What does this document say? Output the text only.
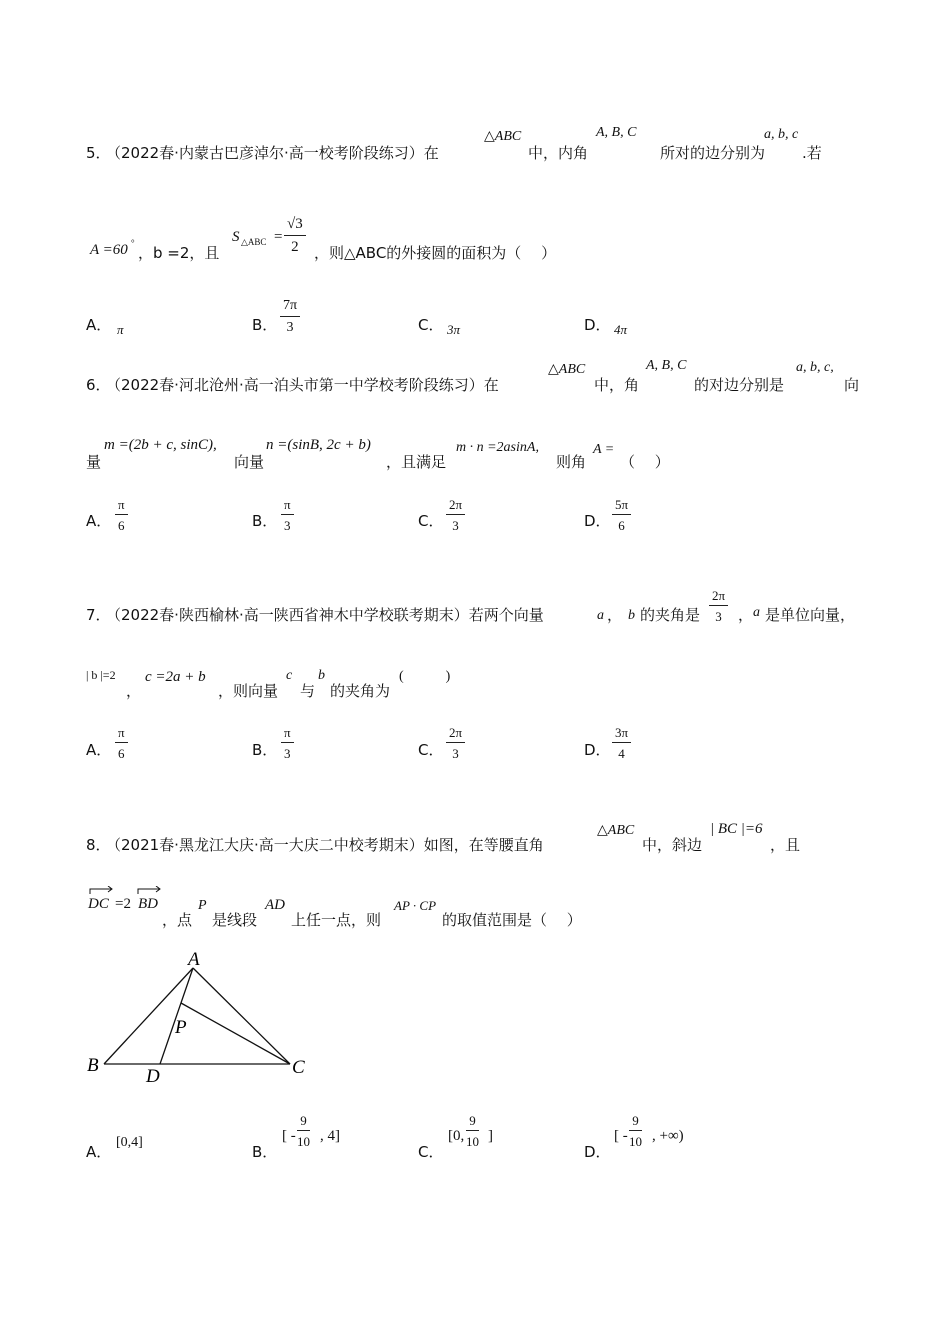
5．
（2022春·内蒙古巴彦淖尔·高一校考阶段练习）在
△ABC
中，内角
A, B, C
所对的边分别为
a, b, c
.若
A =60 °
，b =2，且
S △ABC = $\frac{√3}{2}$ ，则△ABC的外接圆的面积为（　 ）
A． π	B． $\frac{7\pi}{3}$	C． 3π	D． 4π
6．
（2022春·河北沧州·高一泊头市第一中学校考阶段练习）在
△ABC
中，角
A, B, C
的对边分别是
a, b, c,
向
量
m =(2b + c, sinC),
向量
n =(sinB, 2c + b)
，且满足
m · n =2asinA,
则角
A =
（　 ）
A． $\frac{\pi}{6}$	B． $\frac{\pi}{3}$	C． $\frac{2\pi}{3}$	D． $\frac{5\pi}{6}$
7．
（2022春·陕西榆林·高一陕西省神木中学校联考期末）若两个向量	a ， b 的夹角是 $\frac{2\pi}{3}$ ， a 是单位向量，
| b |=2
，
c =2a + b
，则向量
c
与
b
的夹角为
(　　　)
A． $\frac{\pi}{6}$	B． $\frac{\pi}{3}$	C． $\frac{2\pi}{3}$	D． $\frac{3\pi}{4}$
8．
（2021春·黑龙江大庆·高一大庆二中校考期末）如图，在等腰直角
△ABC
中，斜边
| BC |=6
，且
DC =2 BD
，点
P
是线段
AD
上任一点，则
AP · CP
的取值范围是（　 ）
A
B	C
D
P
A．
[0,4]
B．
[ - $\frac{9}{10}$ , 4]
C．
[0, $\frac{9}{10}$ ]
D．
[ - $\frac{9}{10}$ , +∞)
